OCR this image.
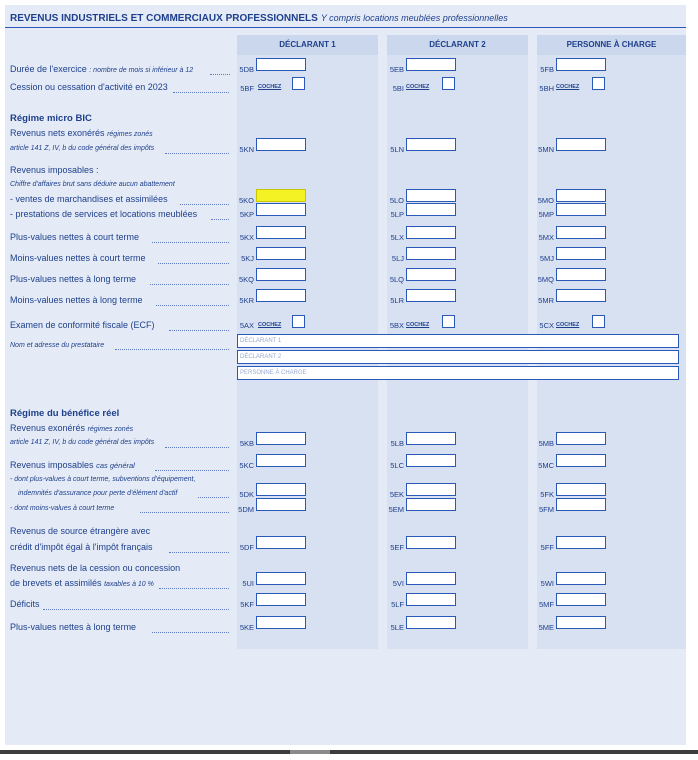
REVENUS INDUSTRIELS ET COMMERCIAUX PROFESSIONNELS Y compris locations meublées professionnelles
DÉCLARANT 1	DÉCLARANT 2	PERSONNE À CHARGE
Durée de l'exercice : nombre de mois si inférieur à 12	5DB	5EB	5FB
Cession ou cessation d'activité en 2023	5BF COCHEZ	5BI COCHEZ	5BH COCHEZ
Régime micro BIC
Revenus nets exonérés régimes zonés
article 141 Z, IV, b du code général des impôts	5KN	5LN	5MN
Revenus imposables :
Chiffre d'affaires brut sans déduire aucun abattement
- ventes de marchandises et assimilées	5KO	5LO	5MO
- prestations de services et locations meublées	5KP	5LP	5MP
Plus-values nettes à court terme	5KX	5LX	5MX
Moins-values nettes à court terme	5KJ	5LJ	5MJ
Plus-values nettes à long terme	5KQ	5LQ	5MQ
Moins-values nettes à long terme	5KR	5LR	5MR
Examen de conformité fiscale (ECF)	5AX COCHEZ	5BX COCHEZ	5CX COCHEZ
Nom et adresse du prestataire
DÉCLARANT 1
DÉCLARANT 2
PERSONNE À CHARGE
Régime du bénéfice réel
Revenus exonérés régimes zonés
article 141 Z, IV, b du code général des impôts	5KB	5LB	5MB
Revenus imposables cas général	5KC	5LC	5MC
- dont plus-values à court terme, subventions d'équipement,
indemnités d'assurance pour perte d'élément d'actif	5DK	5EK	5FK
- dont moins-values à court terme	5DM	5EM	5FM
Revenus de source étrangère avec
crédit d'impôt égal à l'impôt français	5DF	5EF	5FF
Revenus nets de la cession ou concession
de brevets et assimilés taxables à 10 %	5UI	5VI	5WI
Déficits	5KF	5LF	5MF
Plus-values nettes à long terme	5KE	5LE	5ME
